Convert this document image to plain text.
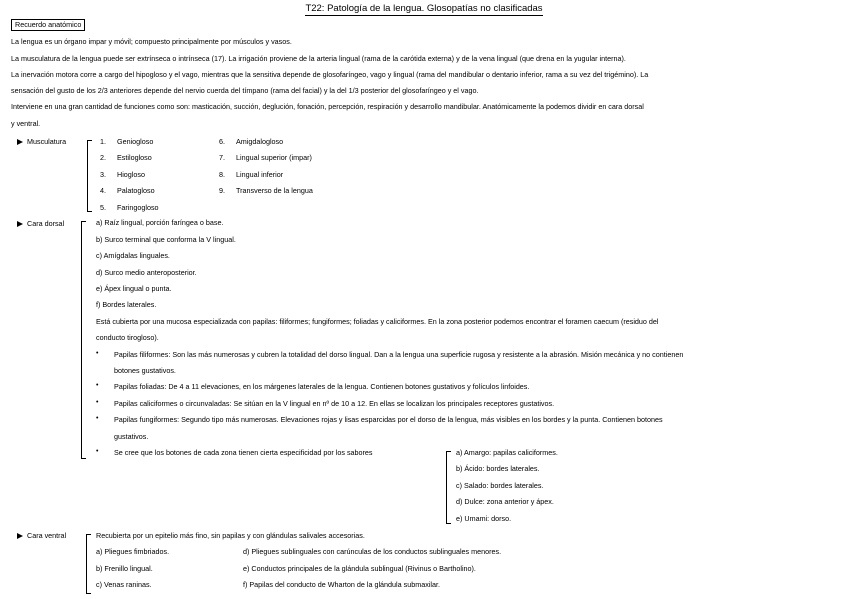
T22: Patología de la lengua. Glosopatías no clasificadas
Recuerdo anatómico
La lengua es un órgano impar y móvil; compuesto principalmente por músculos y vasos.
La musculatura de la lengua puede ser extrínseca o intrínseca (17). La irrigación proviene de la arteria lingual (rama de la carótida externa) y de la vena lingual (que drena en la yugular interna).
La inervación motora corre a cargo del hipogloso y el vago, mientras que la sensitiva depende de glosofaríngeo, vago y lingual (rama del mandibular o dentario inferior, rama a su vez del trigémino). La
sensación del gusto de los 2/3 anteriores depende del nervio cuerda del tímpano (rama del facial) y la del 1/3 posterior del glosofaríngeo y el vago.
Interviene en una gran cantidad de funciones como son: masticación, succión, deglución, fonación, percepción, respiración y desarrollo mandibular. Anatómicamente la podemos dividir en cara dorsal
y ventral.
Musculatura	1. Geniogloso
2. Estilogloso
3. Hiogloso
4. Palatogloso
5. Faringogloso
6. Amigdalogloso
7. Lingual superior (impar)
8. Lingual inferior
9. Transverso de la lengua
Cara dorsal	a) Raíz lingual, porción faríngea o base.
b) Surco terminal que conforma la V lingual.
c) Amígdalas linguales.
d) Surco medio anteroposterior.
e) Ápex lingual o punta.
f) Bordes laterales.
Está cubierta por una mucosa especializada con papilas: filiformes; fungiformes; foliadas y caliciformes. En la zona posterior podemos encontrar el foramen caecum (residuo del
conducto tirogloso).
• Papilas filiformes: Son las más numerosas y cubren la totalidad del dorso lingual. Dan a la lengua una superficie rugosa y resistente a la abrasión. Misión mecánica y no contienen
botones gustativos.
• Papilas foliadas: De 4 a 11 elevaciones, en los márgenes laterales de la lengua. Contienen botones gustativos y folículos linfoides.
• Papilas caliciformes o circunvaladas: Se sitúan en la V lingual en nº de 10 a 12. En ellas se localizan los principales receptores gustativos.
• Papilas fungiformes: Segundo tipo más numerosas. Elevaciones rojas y lisas esparcidas por el dorso de la lengua, más visibles en los bordes y la punta. Contienen botones
gustativos.
• Se cree que los botones de cada zona tienen cierta especificidad por los sabores	a) Amargo: papilas caliciformes.
b) Ácido: bordes laterales.
c) Salado: bordes laterales.
d) Dulce: zona anterior y ápex.
e) Umami: dorso.
Cara ventral	Recubierta por un epitelio más fino, sin papilas y con glándulas salivales accesorias.
a) Pliegues fimbriados.
b) Frenillo lingual.
c) Venas raninas.
d) Pliegues sublinguales con carúnculas de los conductos sublinguales menores.
e) Conductos principales de la glándula sublingual (Rivinus o Bartholino).
f) Papilas del conducto de Wharton de la glándula submaxilar.
